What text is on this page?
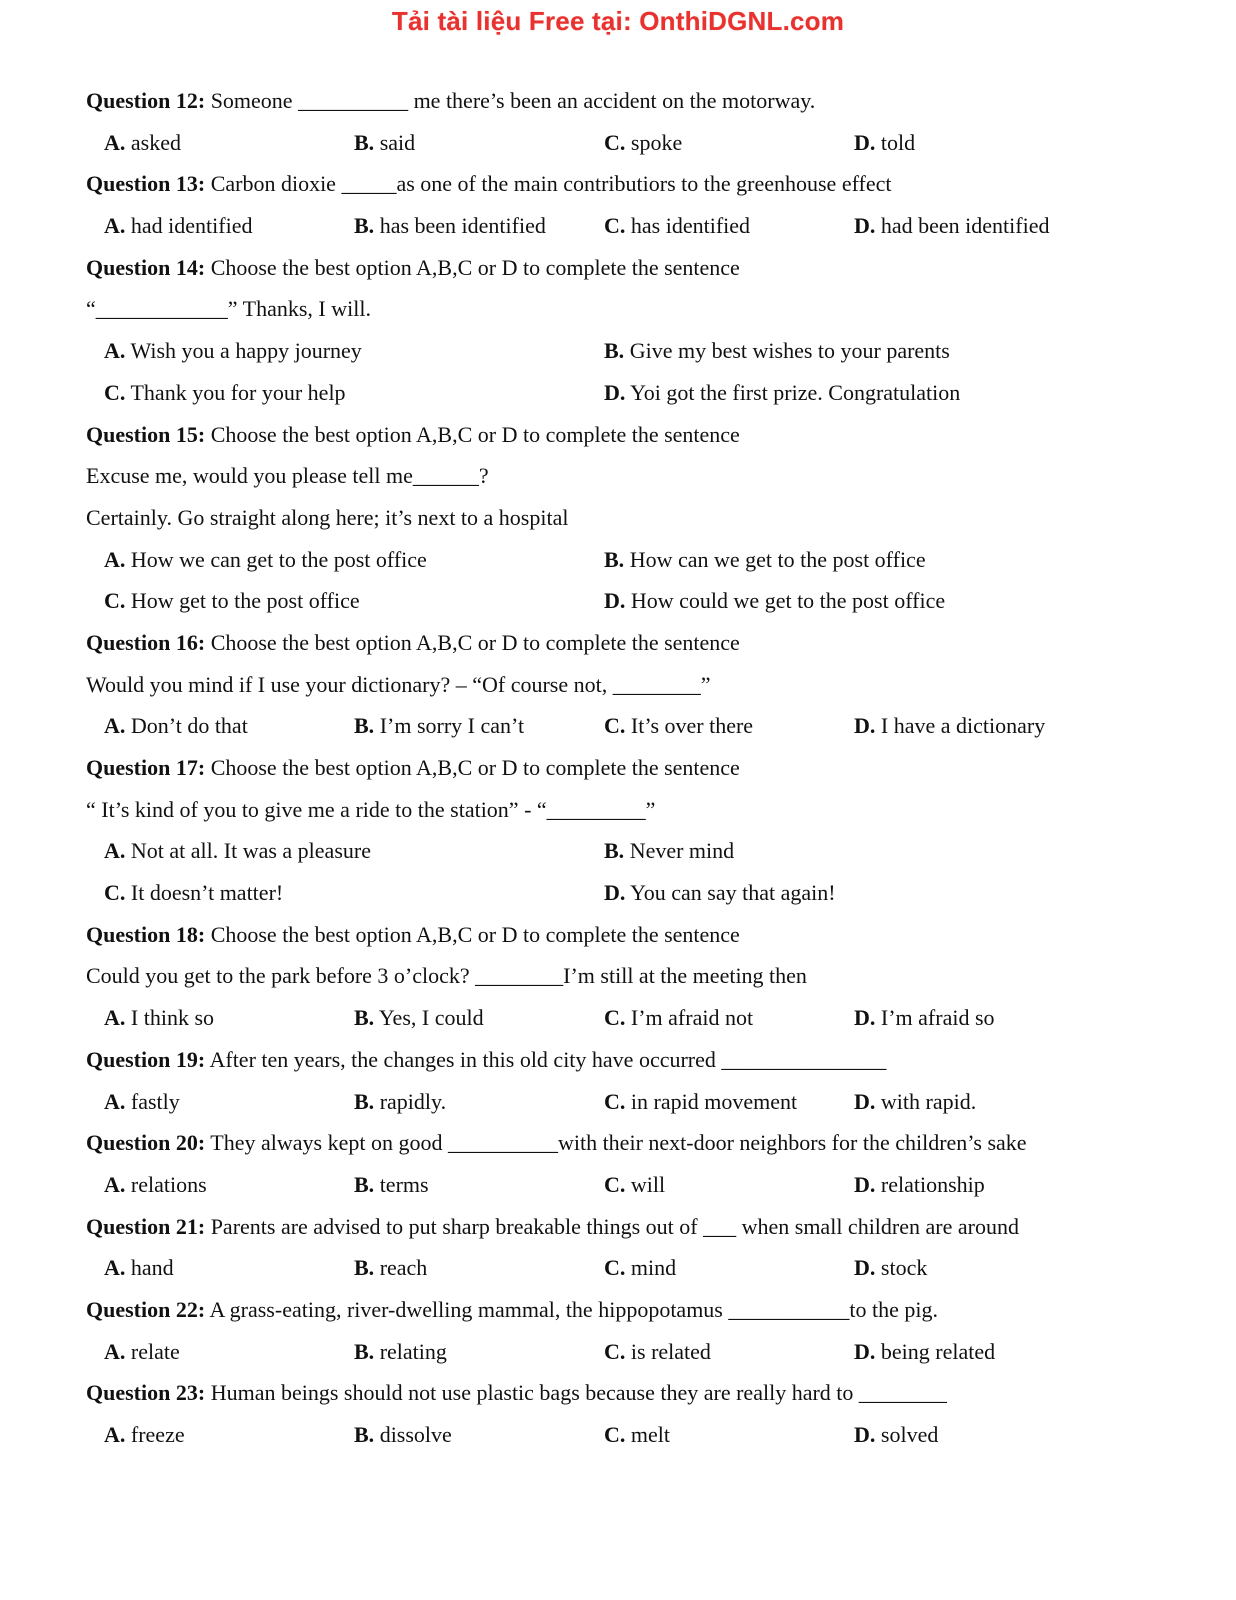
Tải tài liệu Free tại: OnthiDGNL.com
Question 12: Someone __________ me there’s been an accident on the motorway.
A. asked	B. said	C. spoke	D. told
Question 13: Carbon dioxie _____as one of the main contributiors to the greenhouse effect
A. had identified	B. has been identified	C. has identified	D. had been identified
Question 14: Choose the best option A,B,C or D to complete the sentence
“____________” Thanks, I will.
A. Wish you a happy journey	B. Give my best wishes to your parents
C. Thank you for your help	D. Yoi got the first prize. Congratulation
Question 15: Choose the best option A,B,C or D to complete the sentence
Excuse me, would you please tell me______?
Certainly. Go straight along here; it’s next to a hospital
A. How we can get to the post office	B. How can we get to the post office
C. How get to the post office	D. How could we get to the post office
Question 16: Choose the best option A,B,C or D to complete the sentence
Would you mind if I use your dictionary? – “Of course not, ________”
A. Don’t do that	B. I’m sorry I can’t	C. It’s over there	D. I have a dictionary
Question 17: Choose the best option A,B,C or D to complete the sentence
“ It’s kind of you to give me a ride to the station” - “_________”
A. Not at all. It was a pleasure	B. Never mind
C. It doesn’t matter!	D. You can say that again!
Question 18: Choose the best option A,B,C or D to complete the sentence
Could you get to the park before 3 o’clock? ________I’m still at the meeting then
A. I think so	B. Yes, I could	C. I’m afraid not	D. I’m afraid so
Question 19: After ten years, the changes in this old city have occurred _______________
A. fastly	B. rapidly.	C. in rapid movement	D. with rapid.
Question 20: They always kept on good __________with their next-door neighbors for the children’s sake
A. relations	B. terms	C. will	D. relationship
Question 21: Parents are advised to put sharp breakable things out of ___ when small children are around
A. hand	B. reach	C. mind	D. stock
Question 22: A grass-eating, river-dwelling mammal, the hippopotamus ___________to the pig.
A. relate	B. relating	C. is related	D. being related
Question 23: Human beings should not use plastic bags because they are really hard to ________
A. freeze	B. dissolve	C. melt	D. solved
